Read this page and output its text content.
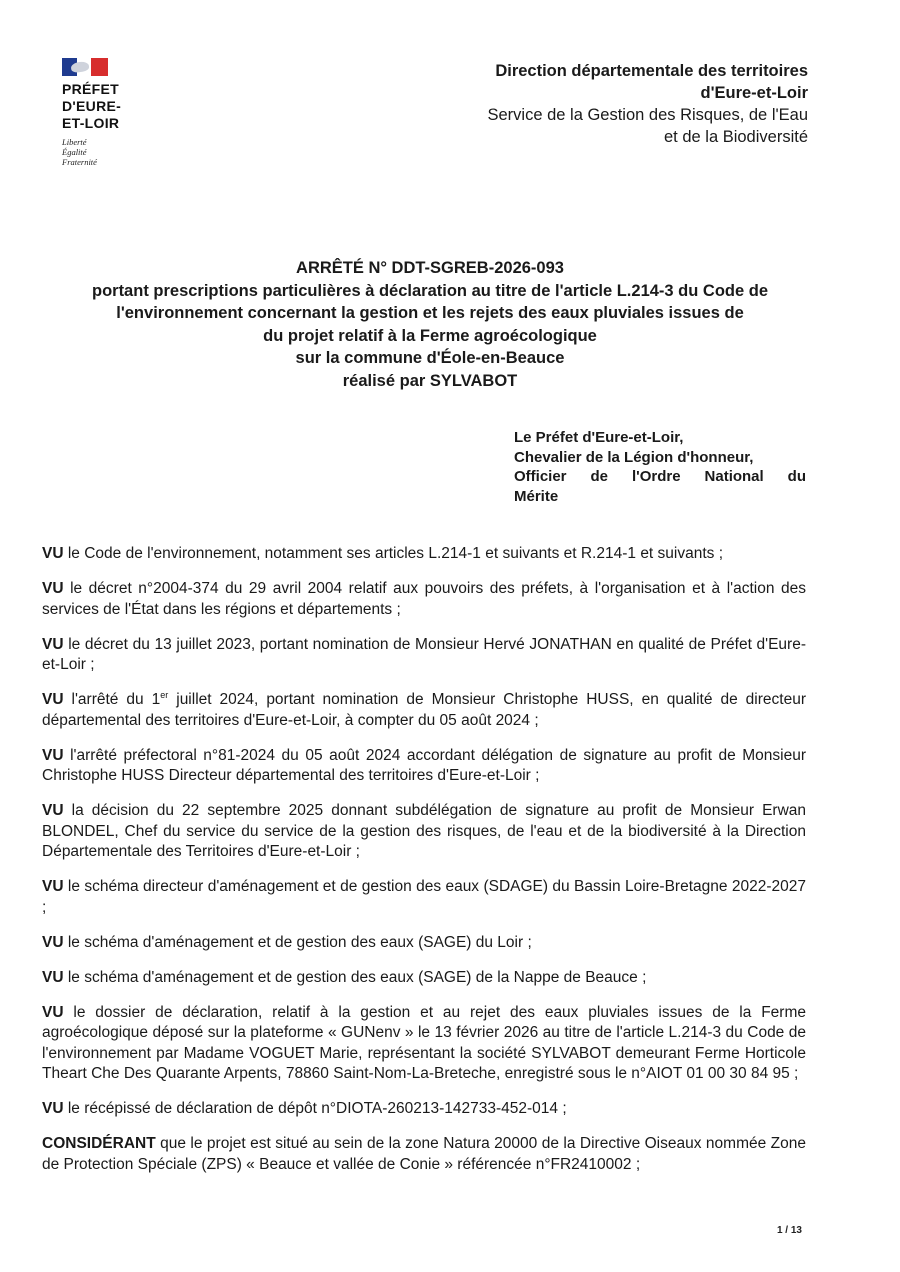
PRÉFET
D'EURE-
ET-LOIR
Liberté
Égalité
Fraternité
Direction départementale des territoires
d'Eure-et-Loir
Service de la Gestion des Risques, de l'Eau
et de la Biodiversité
ARRÊTÉ N° DDT-SGREB-2026-093
portant prescriptions particulières à déclaration au titre de l'article L.214-3 du Code de
l'environnement concernant la gestion et les rejets des eaux pluviales issues de
du projet relatif à la Ferme agroécologique
sur la commune d'Éole-en-Beauce
réalisé par SYLVABOT
Le Préfet d'Eure-et-Loir,
Chevalier de la Légion d'honneur,
Officier de l'Ordre National du
Mérite

VU le Code de l'environnement, notamment ses articles L.214-1 et suivants et R.214-1 et suivants ;

VU le décret n°2004-374 du 29 avril 2004 relatif aux pouvoirs des préfets, à l'organisation et à l'action des services de l'État dans les régions et départements ;

VU le décret du 13 juillet 2023, portant nomination de Monsieur Hervé JONATHAN en qualité de Préfet d'Eure-et-Loir ;

VU l'arrêté du 1er juillet 2024, portant nomination de Monsieur Christophe HUSS, en qualité de directeur départemental des territoires d'Eure-et-Loir, à compter du 05 août 2024 ;

VU l'arrêté préfectoral n°81-2024 du 05 août 2024 accordant délégation de signature au profit de Monsieur Christophe HUSS Directeur départemental des territoires d'Eure-et-Loir ;

VU la décision du 22 septembre 2025 donnant subdélégation de signature au profit de Monsieur Erwan BLONDEL, Chef du service du service de la gestion des risques, de l'eau et de la biodiversité à la Direction Départementale des Territoires d'Eure-et-Loir ;

VU le schéma directeur d'aménagement et de gestion des eaux (SDAGE) du Bassin Loire-Bretagne 2022-2027 ;

VU le schéma d'aménagement et de gestion des eaux (SAGE) du Loir ;

VU le schéma d'aménagement et de gestion des eaux (SAGE) de la Nappe de Beauce ;

VU le dossier de déclaration, relatif à la gestion et au rejet des eaux pluviales issues de la Ferme agroécologique déposé sur la plateforme « GUNenv » le 13 février 2026 au titre de l'article L.214-3 du Code de l'environnement par Madame VOGUET Marie, représentant la société SYLVABOT demeurant Ferme Horticole Theart Che Des Quarante Arpents, 78860 Saint-Nom-La-Breteche, enregistré sous le n°AIOT 01 00 30 84 95 ;

VU le récépissé de déclaration de dépôt n°DIOTA-260213-142733-452-014 ;

CONSIDÉRANT que le projet est situé au sein de la zone Natura 20000 de la Directive Oiseaux nommée Zone de Protection Spéciale (ZPS) « Beauce et vallée de Conie » référencée n°FR2410002 ;

1 / 13
